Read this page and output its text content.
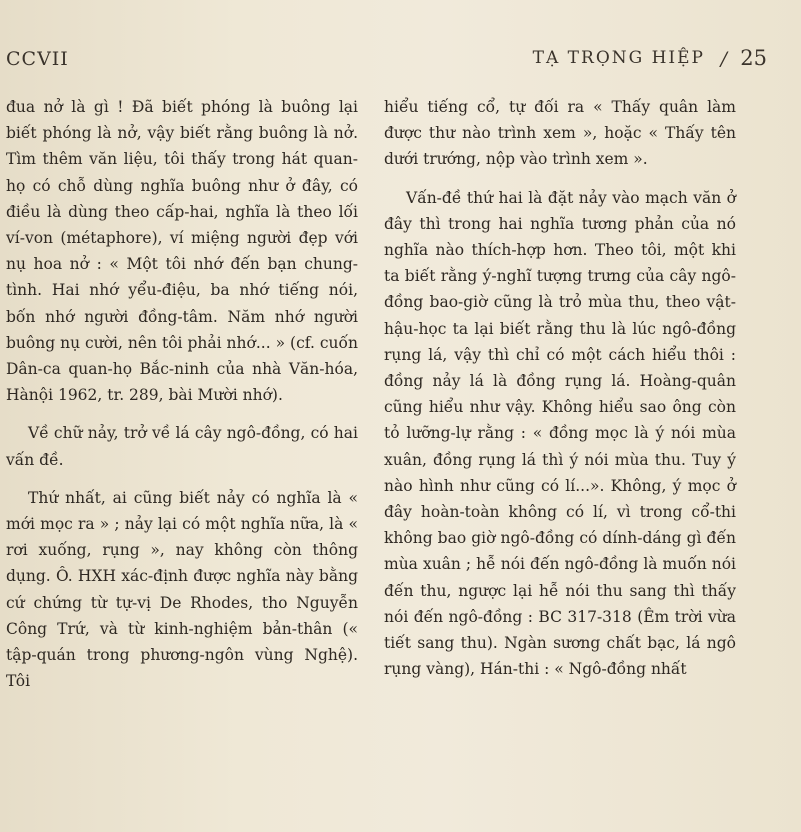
CCVII	TẠ TRỌNG HIỆP / 25

đua nở là gì ! Đã biết phóng là buông lại biết phóng là nở, vậy biết rằng buông là nở. Tìm thêm văn liệu, tôi thấy trong hát quan-họ có chỗ dùng nghĩa buông như ở đây, có điều là dùng theo cấp-hai, nghĩa là theo lối ví-von (métaphore), ví miệng người đẹp với nụ hoa nở : « Một tôi nhớ đến bạn chung-tình. Hai nhớ yểu-điệu, ba nhớ tiếng nói, bốn nhớ người đồng-tâm. Năm nhớ người buông nụ cười, nên tôi phải nhớ... » (cf. cuốn Dân-ca quan-họ Bắc-ninh của nhà Văn-hóa, Hànội 1962, tr. 289, bài Mười nhớ).

Về chữ nảy, trở về lá cây ngô-đồng, có hai vấn đề.

Thứ nhất, ai cũng biết nảy có nghĩa là « mới mọc ra » ; nảy lại có một nghĩa nữa, là « rơi xuống, rụng », nay không còn thông dụng. Ô. HXH xác-định được nghĩa này bằng cứ chứng từ tự-vị De Rhodes, tho Nguyễn Công Trứ, và từ kinh-nghiệm bản-thân (« tập-quán trong phương-ngôn vùng Nghệ). Tôi

hiểu tiếng cổ, tự đối ra « Thấy quân làm được thư nào trình xem », hoặc « Thấy tên dưới trướng, nộp vào trình xem ».

Vấn-đề thứ hai là đặt nảy vào mạch văn ở đây thì trong hai nghĩa tương phản của nó nghĩa nào thích-hợp hơn. Theo tôi, một khi ta biết rằng ý-nghĩ tượng trưng của cây ngô-đồng bao-giờ cũng là trỏ mùa thu, theo vật-hậu-học ta lại biết rằng thu là lúc ngô-đồng rụng lá, vậy thì chỉ có một cách hiểu thôi : đồng nảy lá là đồng rụng lá. Hoàng-quân cũng hiểu như vậy. Không hiểu sao ông còn tỏ lưỡng-lự rằng : « đồng mọc là ý nói mùa xuân, đồng rụng lá thì ý nói mùa thu. Tuy ý nào hình như cũng có lí...». Không, ý mọc ở đây hoàn-toàn không có lí, vì trong cổ-thi không bao giờ ngô-đồng có dính-dáng gì đến mùa xuân ; hễ nói đến ngô-đồng là muốn nói đến thu, ngược lại hễ nói thu sang thì thấy nói đến ngô-đồng : BC 317-318 (Êm trời vừa tiết sang thu). Ngàn sương chất bạc, lá ngô rụng vàng), Hán-thi : « Ngô-đồng nhất
